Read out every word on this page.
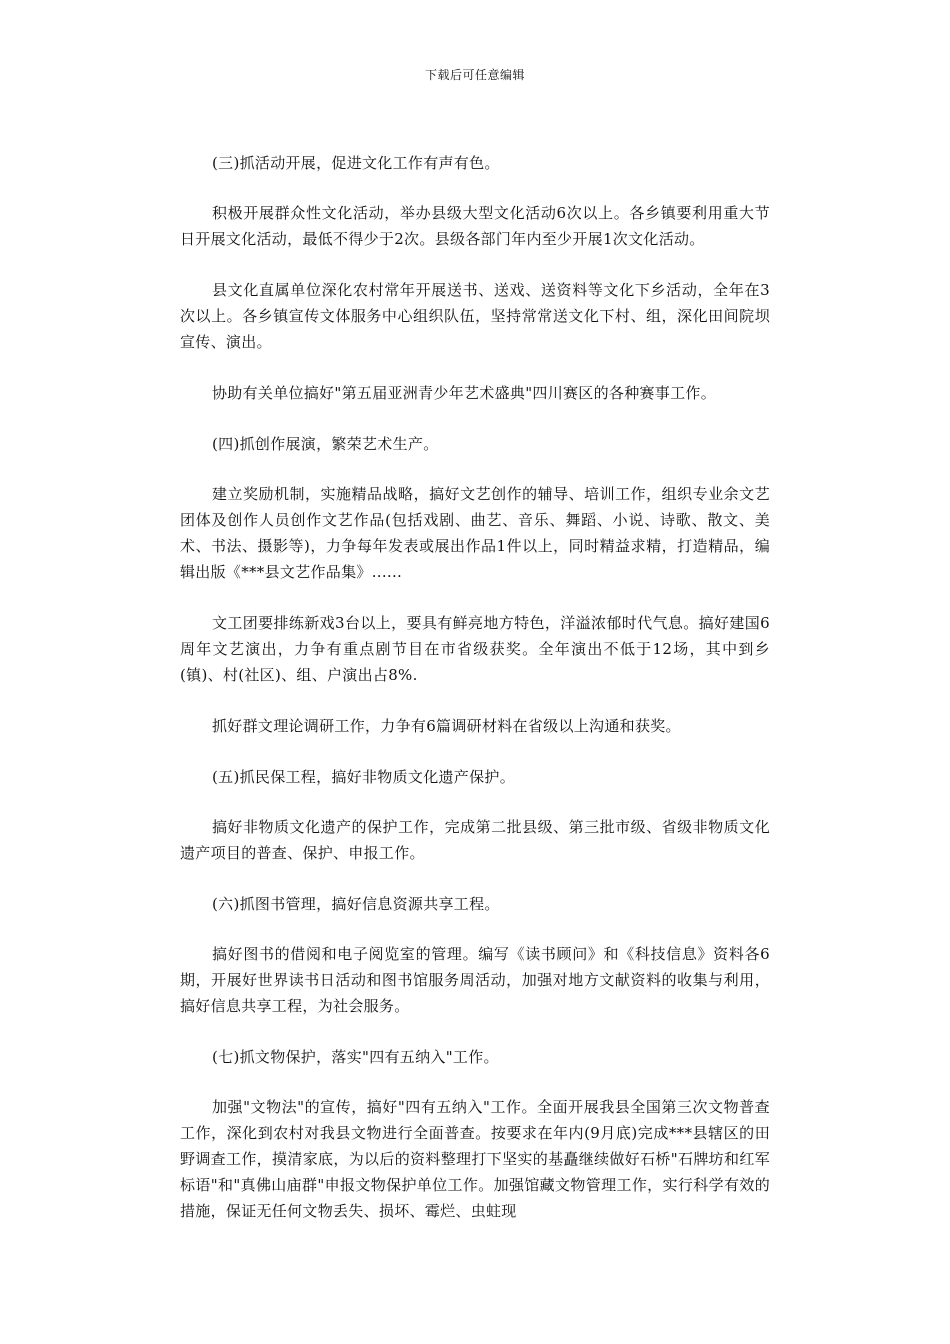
下载后可任意编辑

(三)抓活动开展，促进文化工作有声有色。

积极开展群众性文化活动，举办县级大型文化活动6次以上。各乡镇要利用重大节日开展文化活动，最低不得少于2次。县级各部门年内至少开展1次文化活动。

县文化直属单位深化农村常年开展送书、送戏、送资料等文化下乡活动，全年在3次以上。各乡镇宣传文体服务中心组织队伍，坚持常常送文化下村、组，深化田间院坝宣传、演出。

协助有关单位搞好"第五届亚洲青少年艺术盛典"四川赛区的各种赛事工作。

(四)抓创作展演，繁荣艺术生产。

建立奖励机制，实施精品战略，搞好文艺创作的辅导、培训工作，组织专业余文艺团体及创作人员创作文艺作品(包括戏剧、曲艺、音乐、舞蹈、小说、诗歌、散文、美术、书法、摄影等)，力争每年发表或展出作品1件以上，同时精益求精，打造精品，编辑出版《***县文艺作品集》......

文工团要排练新戏3台以上，要具有鲜亮地方特色，洋溢浓郁时代气息。搞好建国6周年文艺演出，力争有重点剧节目在市省级获奖。全年演出不低于12场，其中到乡(镇)、村(社区)、组、户演出占8%.

抓好群文理论调研工作，力争有6篇调研材料在省级以上沟通和获奖。

(五)抓民保工程，搞好非物质文化遗产保护。

搞好非物质文化遗产的保护工作，完成第二批县级、第三批市级、省级非物质文化遗产项目的普查、保护、申报工作。

(六)抓图书管理，搞好信息资源共享工程。

搞好图书的借阅和电子阅览室的管理。编写《读书顾问》和《科技信息》资料各6期，开展好世界读书日活动和图书馆服务周活动，加强对地方文献资料的收集与利用，搞好信息共享工程，为社会服务。

(七)抓文物保护，落实"四有五纳入"工作。

加强"文物法"的宣传，搞好"四有五纳入"工作。全面开展我县全国第三次文物普查工作，深化到农村对我县文物进行全面普查。按要求在年内(9月底)完成***县辖区的田野调查工作，摸清家底，为以后的资料整理打下坚实的基矗继续做好石桥"石牌坊和红军标语"和"真佛山庙群"申报文物保护单位工作。加强馆藏文物管理工作，实行科学有效的措施，保证无任何文物丢失、损坏、霉烂、虫蛀现
